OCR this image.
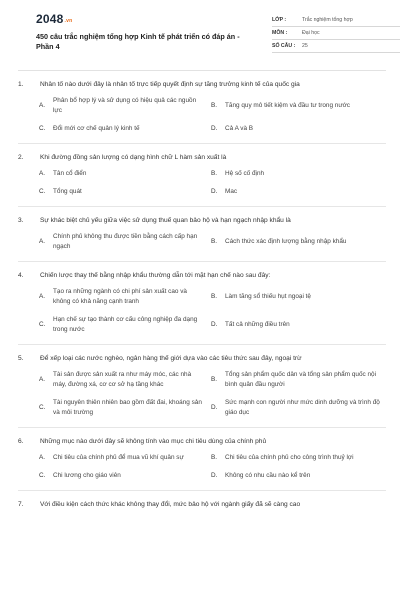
2048.vn
450 câu trắc nghiệm tổng hợp Kinh tế phát triển có đáp án - Phần 4
LỚP :	Trắc nghiệm tổng hợp
MÔN :	Đại học
SỐ CÂU :	25
1.	Nhân tố nào dưới đây là nhân tố trực tiếp quyết định sự tăng trưởng kinh tế của quốc gia
A.
Phân bổ hợp lý và sử dụng có hiệu quả các nguồn lực
B.	Tăng quy mô tiết kiệm và đầu tư trong nước
C.	Đổi mới cơ chế quản lý kinh tế	D.	Cả A và B
2.	Khi đường đồng sản lượng có dạng hình chữ L hàm sản xuất là
A.	Tân cổ điển	B.	Hệ số cố định
C.	Tổng quát	D.	Mac
3.	Sự khác biệt chủ yếu giữa việc sử dụng thuế quan bảo hộ và hạn ngạch nhập khẩu là
A.
Chính phủ không thu được tiền bằng cách cấp hạn ngạch
B.	Cách thức xác định lượng bằng nhập khẩu
4.	Chiến lược thay thế bằng nhập khẩu thường dẫn tới mặt hạn chế nào sau đây:
A.
Tạo ra những ngành có chi phí sản xuất cao và không có khả năng cạnh tranh
B.	Làm tăng sổ thiếu hụt ngoại tệ
C.
Hạn chế sự tạo thành cơ cấu công nghiệp đa dạng trong nước
D.	Tất cả những điều trên
5.	Để xếp loại các nước nghèo, ngân hàng thế giới dựa vào các tiêu thức sau đây, ngoại trừ
A.
Tài sản được sản xuất ra như máy móc, các nhà máy, đường xá, cơ cơ sở hạ tầng khác
B.
Tổng sản phẩm quốc dân và tổng sản phẩm quốc nội bình quân đầu người
C.
Tài nguyên thiên nhiên bao gồm đất đai, khoáng sản và môi trường
D.
Sức mạnh con người như mức dinh dưỡng và trình độ giáo dục
6.	Những mục nào dưới đây sẽ không tính vào mục chi tiêu dùng của chính phủ
A.	Chi tiêu của chính phủ để mua vũ khí quân sự	B.	Chi tiêu của chính phủ cho công trình thuỷ lợi
C.	Chi lương cho giáo viên	D.	Không có nhu cầu nào kể trên
7.	Với điều kiện cách thức khác không thay đổi, mức bảo hộ với ngành giấy đã sẽ càng cao
